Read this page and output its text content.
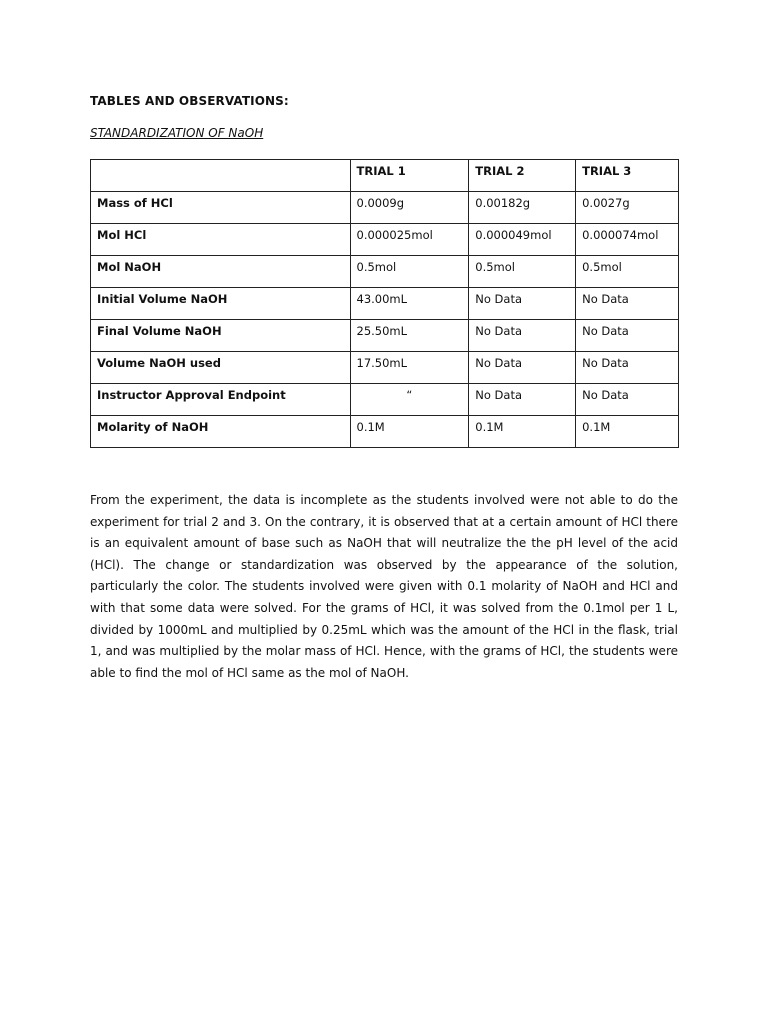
TABLES AND OBSERVATIONS:
STANDARDIZATION OF NaOH
	TRIAL 1	TRIAL 2	TRIAL 3
Mass of HCl	0.0009g	0.00182g	0.0027g
Mol HCl	0.000025mol	0.000049mol	0.000074mol
Mol NaOH	0.5mol	0.5mol	0.5mol
Initial Volume NaOH	43.00mL	No Data	No Data
Final Volume NaOH	25.50mL	No Data	No Data
Volume NaOH used	17.50mL	No Data	No Data
Instructor Approval Endpoint	“	No Data	No Data
Molarity of NaOH	0.1M	0.1M	0.1M
From the experiment, the data is incomplete as the students involved were not able to do the experiment for trial 2 and 3. On the contrary, it is observed that at a certain amount of HCl there is an equivalent amount of base such as NaOH that will neutralize the the pH level of the acid (HCl). The change or standardization was observed by the appearance of the solution, particularly the color. The students involved were given with 0.1 molarity of NaOH and HCl and with that some data were solved. For the grams of HCl, it was solved from the 0.1mol per 1 L, divided by 1000mL and multiplied by 0.25mL which was the amount of the HCl in the flask, trial 1, and was multiplied by the molar mass of HCl. Hence, with the grams of HCl, the students were able to find the mol of HCl same as the mol of NaOH.
